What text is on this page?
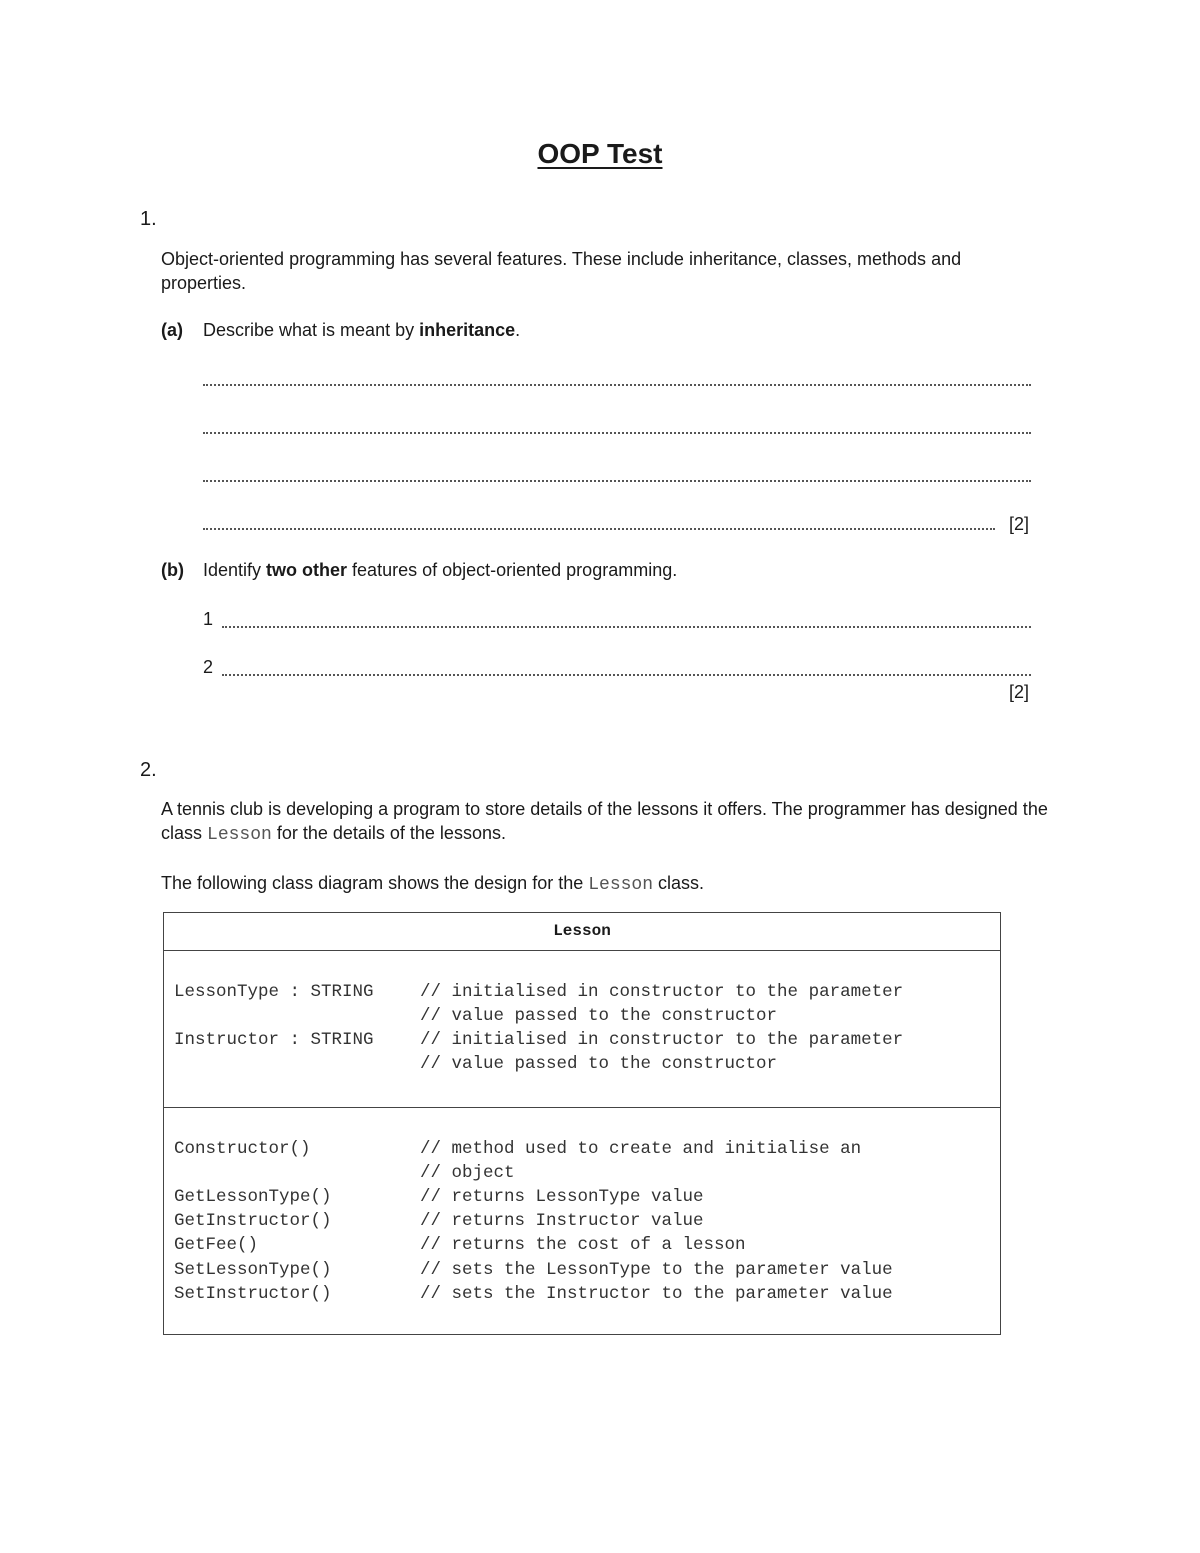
OOP Test
1.
Object-oriented programming has several features. These include inheritance, classes, methods and properties.
(a) Describe what is meant by inheritance.
[2]
(b) Identify two other features of object-oriented programming.
1
2
[2]
2.
A tennis club is developing a program to store details of the lessons it offers. The programmer has designed the class Lesson for the details of the lessons.
The following class diagram shows the design for the Lesson class.
Lesson
LessonType : STRING	// initialised in constructor to the parameter
// value passed to the constructor
Instructor : STRING	// initialised in constructor to the parameter
// value passed to the constructor
Constructor()	// method used to create and initialise an
// object
GetLessonType()	// returns LessonType value
GetInstructor()	// returns Instructor value
GetFee()	// returns the cost of a lesson
SetLessonType()	// sets the LessonType to the parameter value
SetInstructor()	// sets the Instructor to the parameter value
